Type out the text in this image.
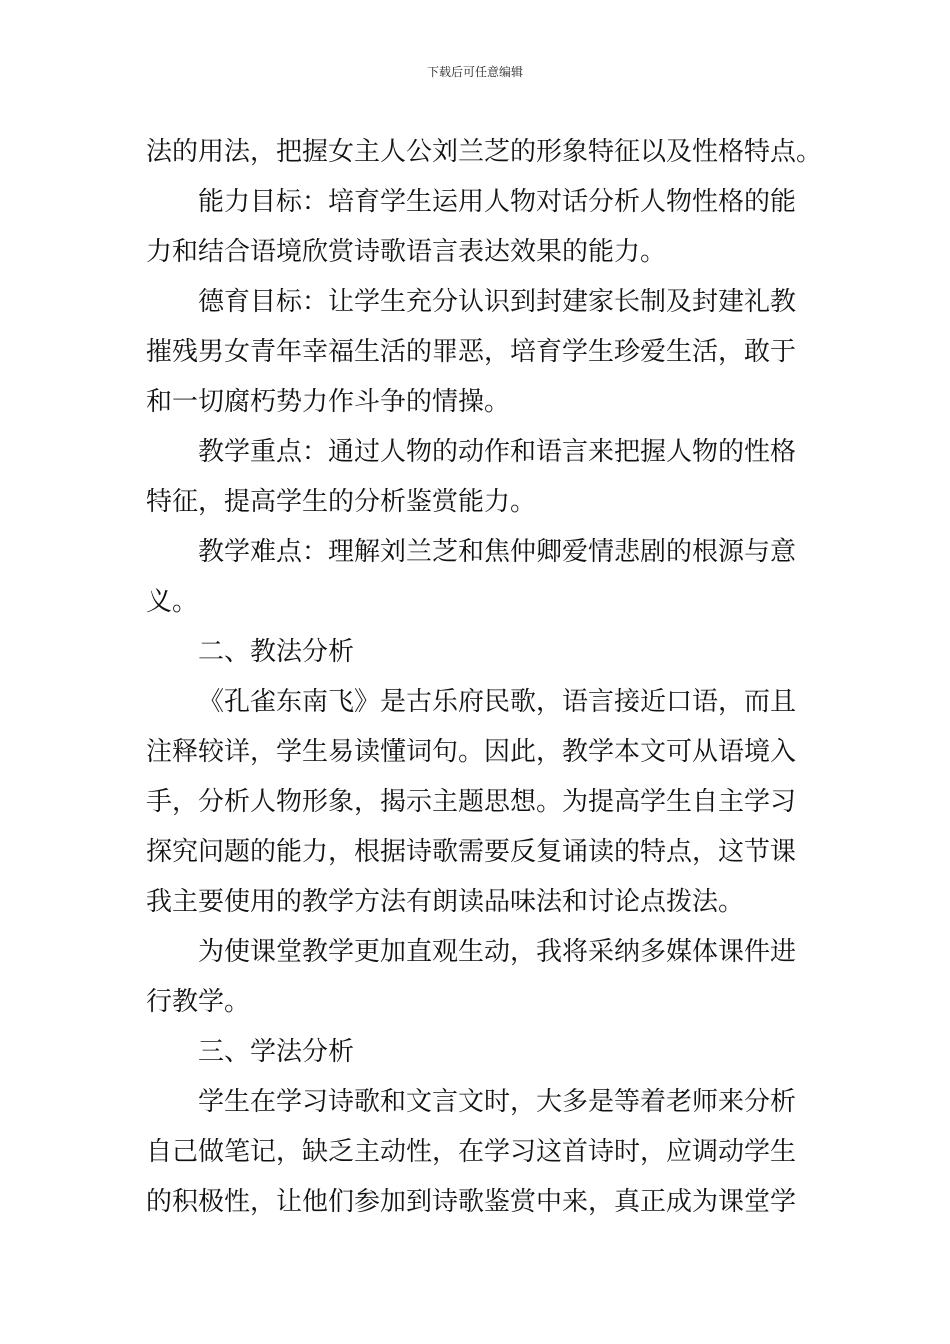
下载后可任意编辑
法的用法，把握女主人公刘兰芝的形象特征以及性格特点。
能力目标：培育学生运用人物对话分析人物性格的能
力和结合语境欣赏诗歌语言表达效果的能力。
德育目标：让学生充分认识到封建家长制及封建礼教
摧残男女青年幸福生活的罪恶，培育学生珍爱生活，敢于
和一切腐朽势力作斗争的情操。
教学重点：通过人物的动作和语言来把握人物的性格
特征，提高学生的分析鉴赏能力。
教学难点：理解刘兰芝和焦仲卿爱情悲剧的根源与意
义。
二、教法分析
《孔雀东南飞》是古乐府民歌，语言接近口语，而且
注释较详，学生易读懂词句。因此，教学本文可从语境入
手，分析人物形象，揭示主题思想。为提高学生自主学习
探究问题的能力，根据诗歌需要反复诵读的特点，这节课
我主要使用的教学方法有朗读品味法和讨论点拨法。
为使课堂教学更加直观生动，我将采纳多媒体课件进
行教学。
三、学法分析
学生在学习诗歌和文言文时，大多是等着老师来分析
自己做笔记，缺乏主动性，在学习这首诗时，应调动学生
的积极性，让他们参加到诗歌鉴赏中来，真正成为课堂学
